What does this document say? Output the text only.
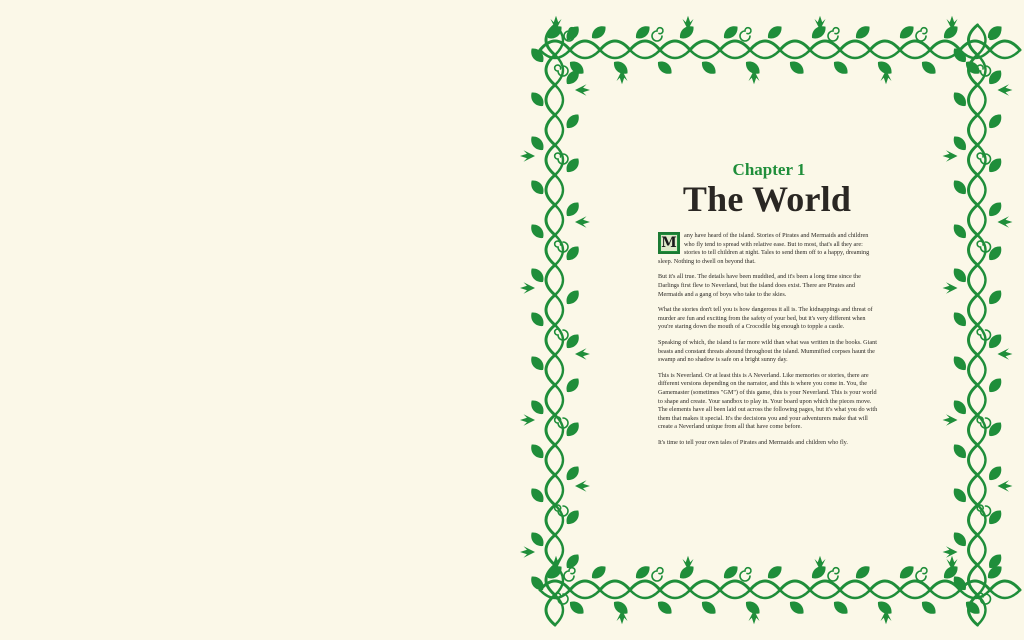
Chapter 1
The World
M any have heard of the island. Stories of Pirates and Mermaids and children who fly tend to spread with relative ease. But to most, that's all they are: stories to tell children at night. Tales to send them off to a happy, dreaming sleep. Nothing to dwell on beyond that.
But it's all true. The details have been muddied, and it's been a long time since the Darlings first flew to Neverland, but the island does exist. There are Pirates and Mermaids and a gang of boys who take to the skies.
What the stories don't tell you is how dangerous it all is. The kidnappings and threat of murder are fun and exciting from the safety of your bed, but it's very different when you're staring down the mouth of a Crocodile big enough to topple a castle.
Speaking of which, the island is far more wild than what was written in the books. Giant beasts and constant threats abound throughout the island. Mummified corpses haunt the swamp and no shadow is safe on a bright sunny day.
This is Neverland. Or at least this is A Neverland. Like memories or stories, there are different versions depending on the narrator, and this is where you come in. You, the Gamemaster (sometimes "GM") of this game, this is your Neverland. This is your world to shape and create. Your sandbox to play in. Your board upon which the pieces move. The elements have all been laid out across the following pages, but it's what you do with them that makes it special. It's the decisions you and your adventurers make that will create a Neverland unique from all that have come before.
It's time to tell your own tales of Pirates and Mermaids and children who fly.
